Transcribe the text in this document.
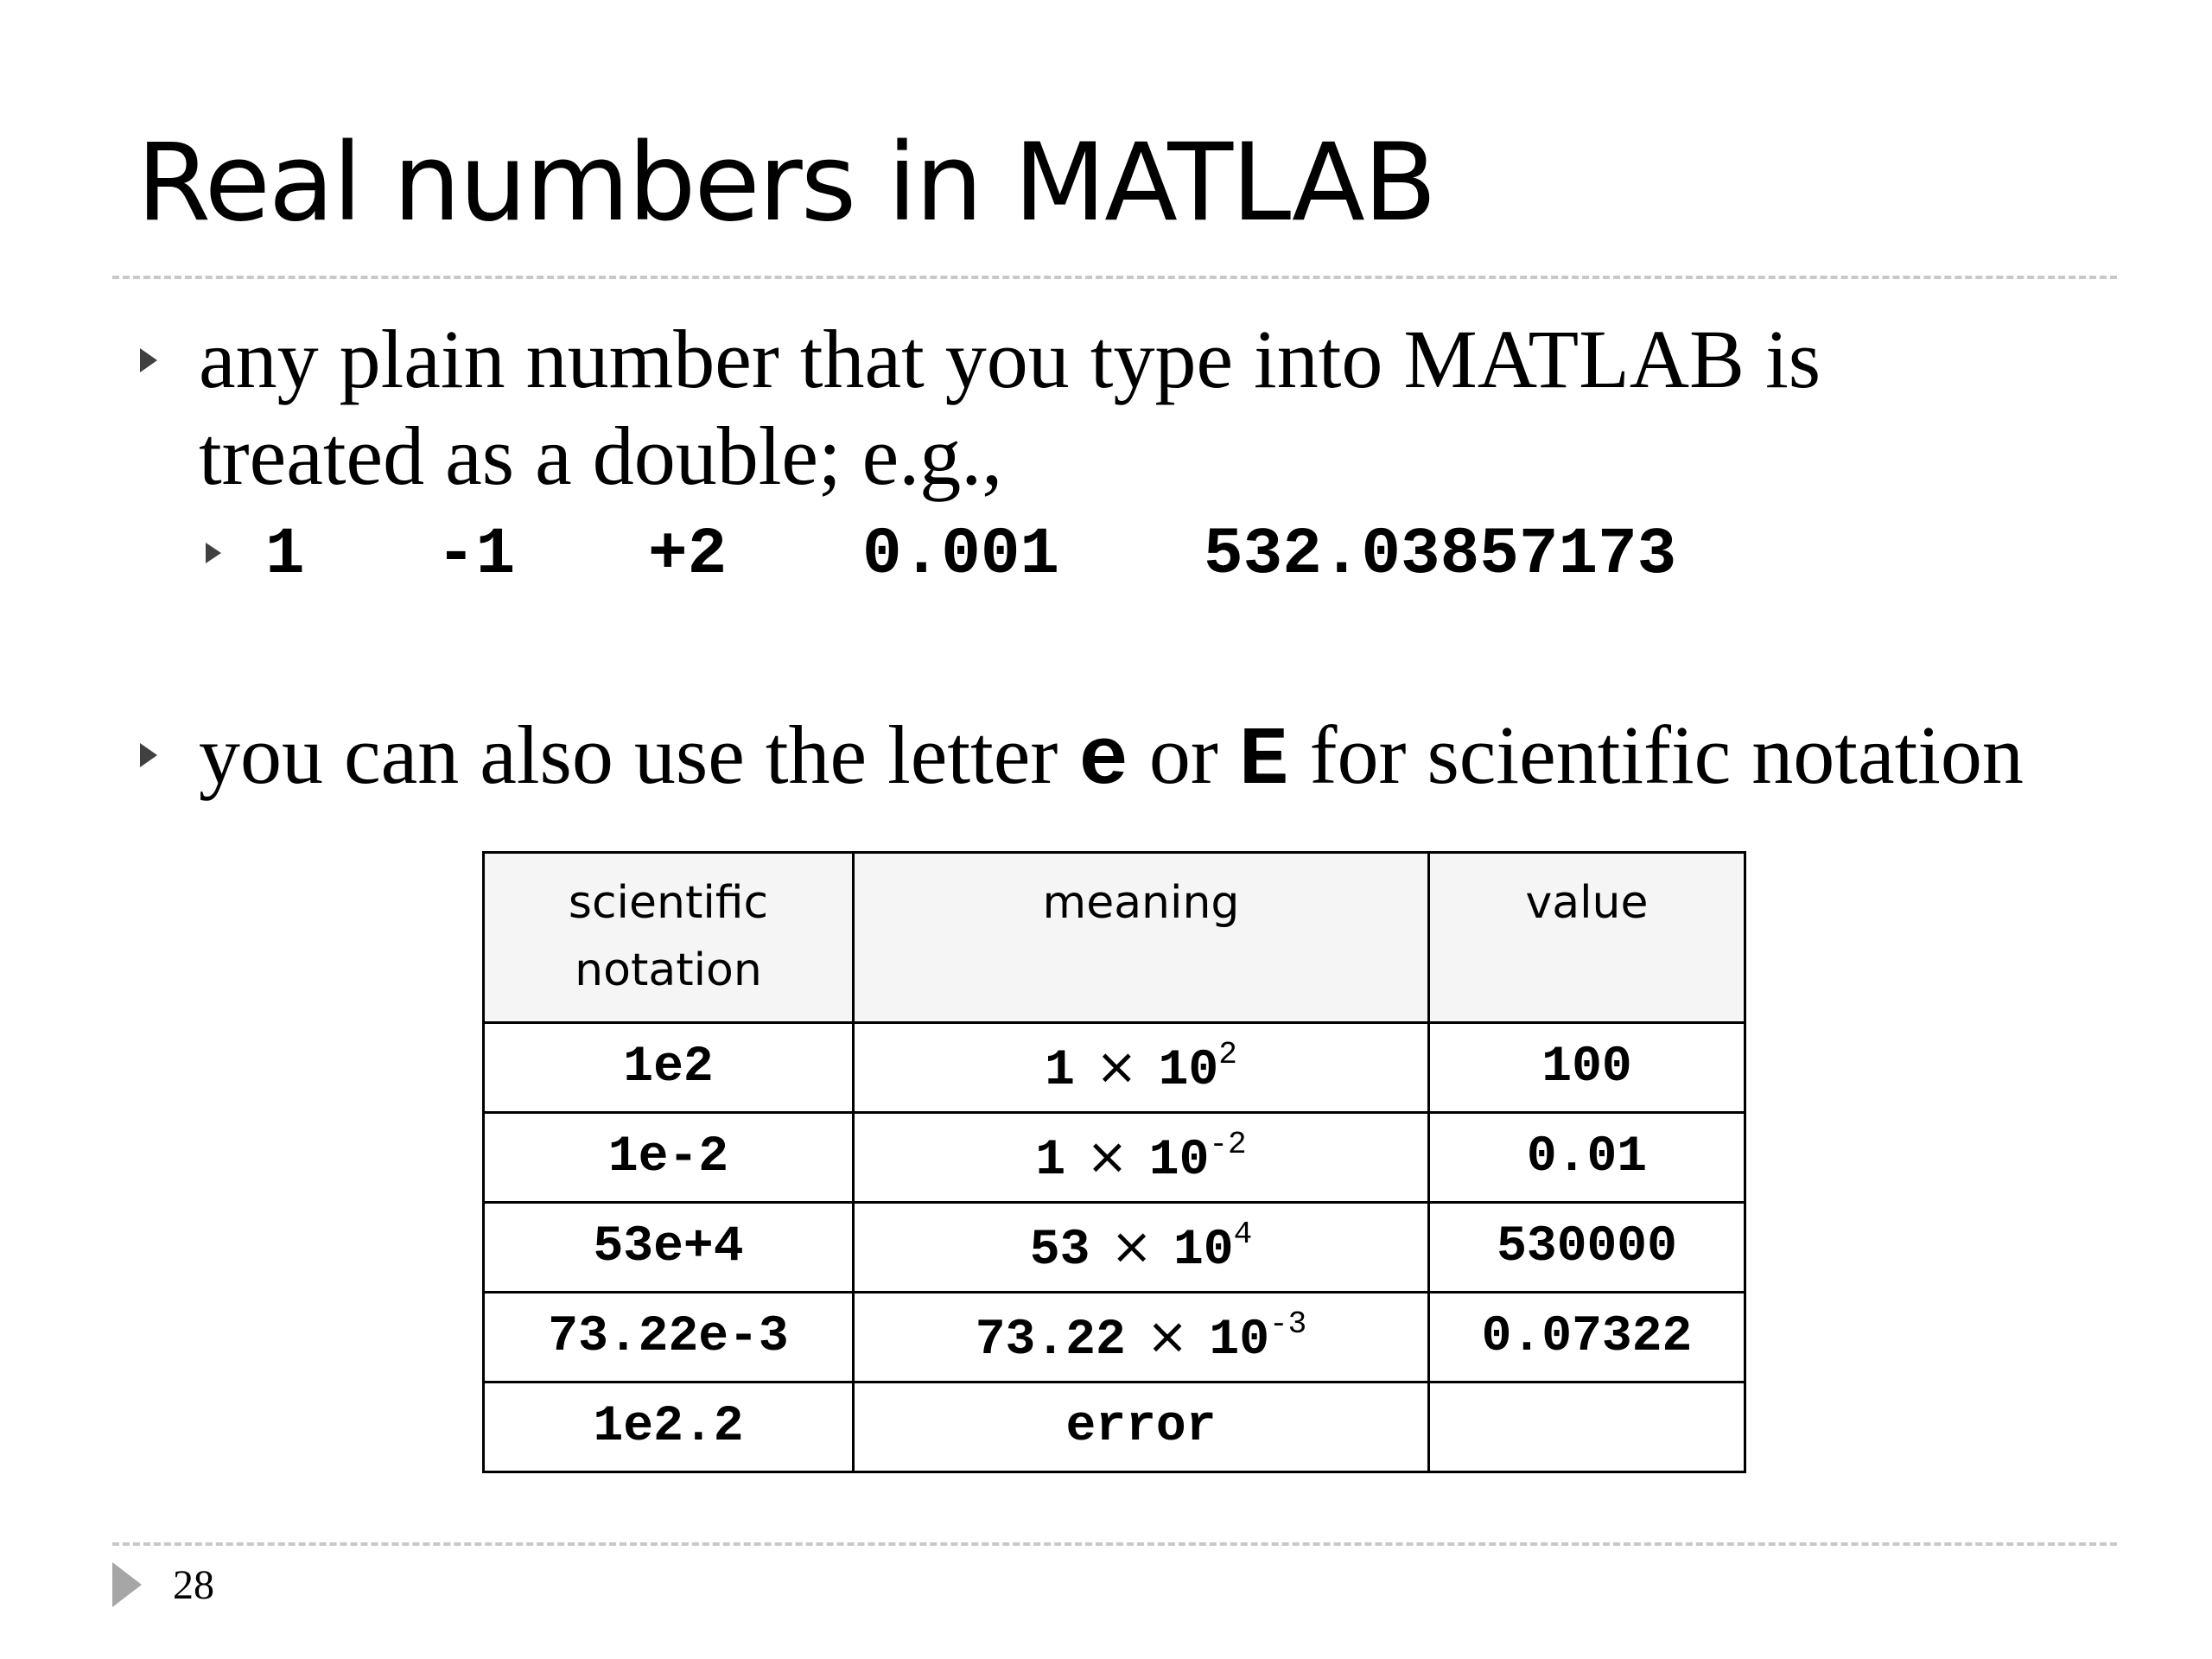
Real numbers in MATLAB
any plain number that you type into MATLAB is
treated as a double; e.g.,
1 -1 +2 0.001 532.03857173
you can also use the letter e or E for scientific notation
scientific
notation	meaning	value
1e2	$1 \times 10^2$	100
1e-2	$1 \times 10^{-2}$	0.01
53e+4	$53 \times 10^4$	530000
73.22e-3	$73.22 \times 10^{-3}$	0.07322
1e2.2	error	
28
